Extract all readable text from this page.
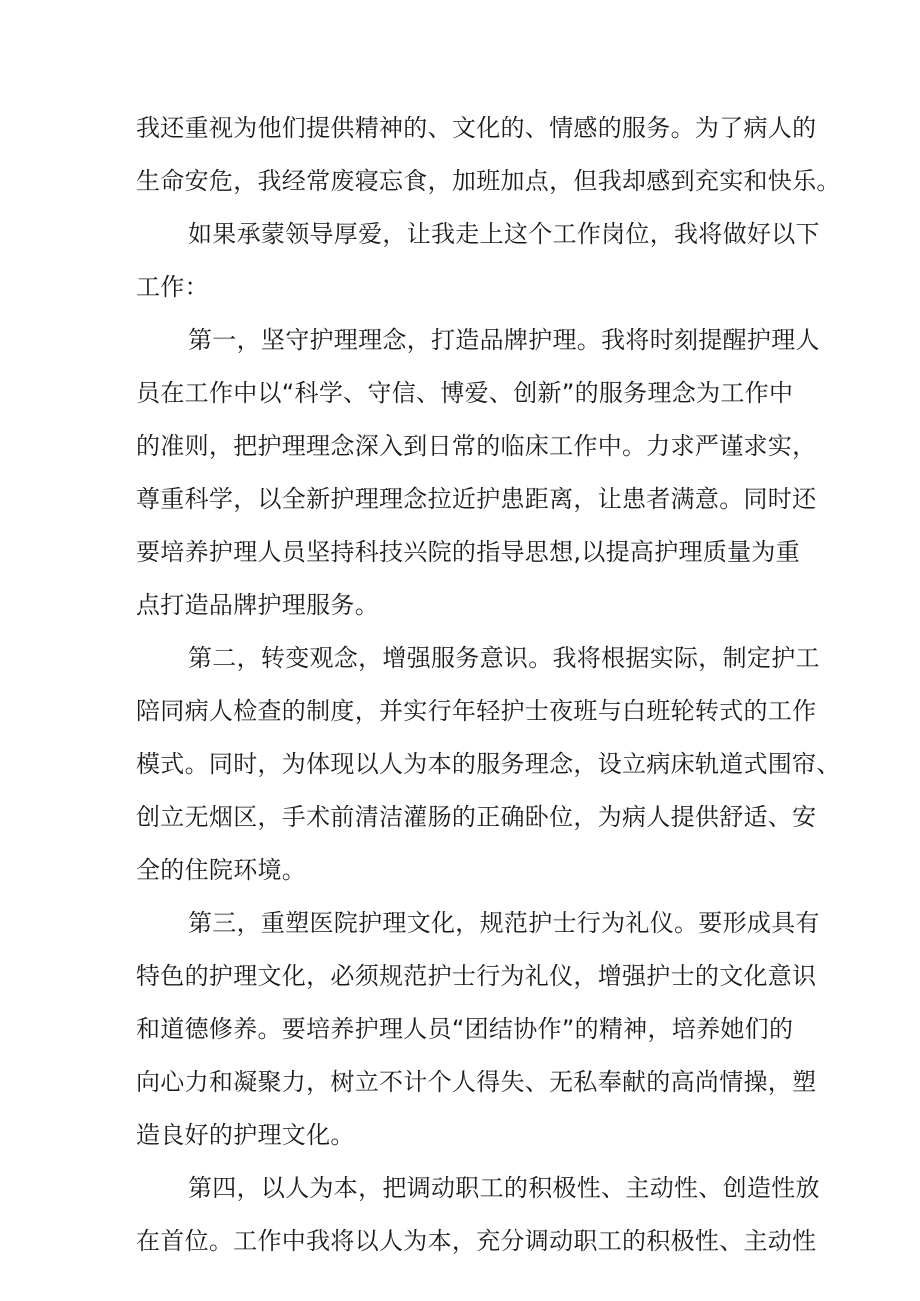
我还重视为他们提供精神的、文化的、情感的服务。为了病人的

生命安危，我经常废寝忘食，加班加点，但我却感到充实和快乐。

如果承蒙领导厚爱，让我走上这个工作岗位，我将做好以下

工作：

第一，坚守护理理念，打造品牌护理。我将时刻提醒护理人

员在工作中以“科学、守信、博爱、创新”的服务理念为工作中

的准则，把护理理念深入到日常的临床工作中。力求严谨求实，

尊重科学，以全新护理理念拉近护患距离，让患者满意。同时还

要培养护理人员坚持科技兴院的指导思想,以提高护理质量为重

点打造品牌护理服务。

第二，转变观念，增强服务意识。我将根据实际，制定护工

陪同病人检查的制度，并实行年轻护士夜班与白班轮转式的工作

模式。同时，为体现以人为本的服务理念，设立病床轨道式围帘、

创立无烟区，手术前清洁灌肠的正确卧位，为病人提供舒适、安

全的住院环境。

第三，重塑医院护理文化，规范护士行为礼仪。要形成具有

特色的护理文化，必须规范护士行为礼仪，增强护士的文化意识

和道德修养。要培养护理人员“团结协作”的精神，培养她们的

向心力和凝聚力，树立不计个人得失、无私奉献的高尚情操，塑

造良好的护理文化。

第四，以人为本，把调动职工的积极性、主动性、创造性放

在首位。工作中我将以人为本，充分调动职工的积极性、主动性
